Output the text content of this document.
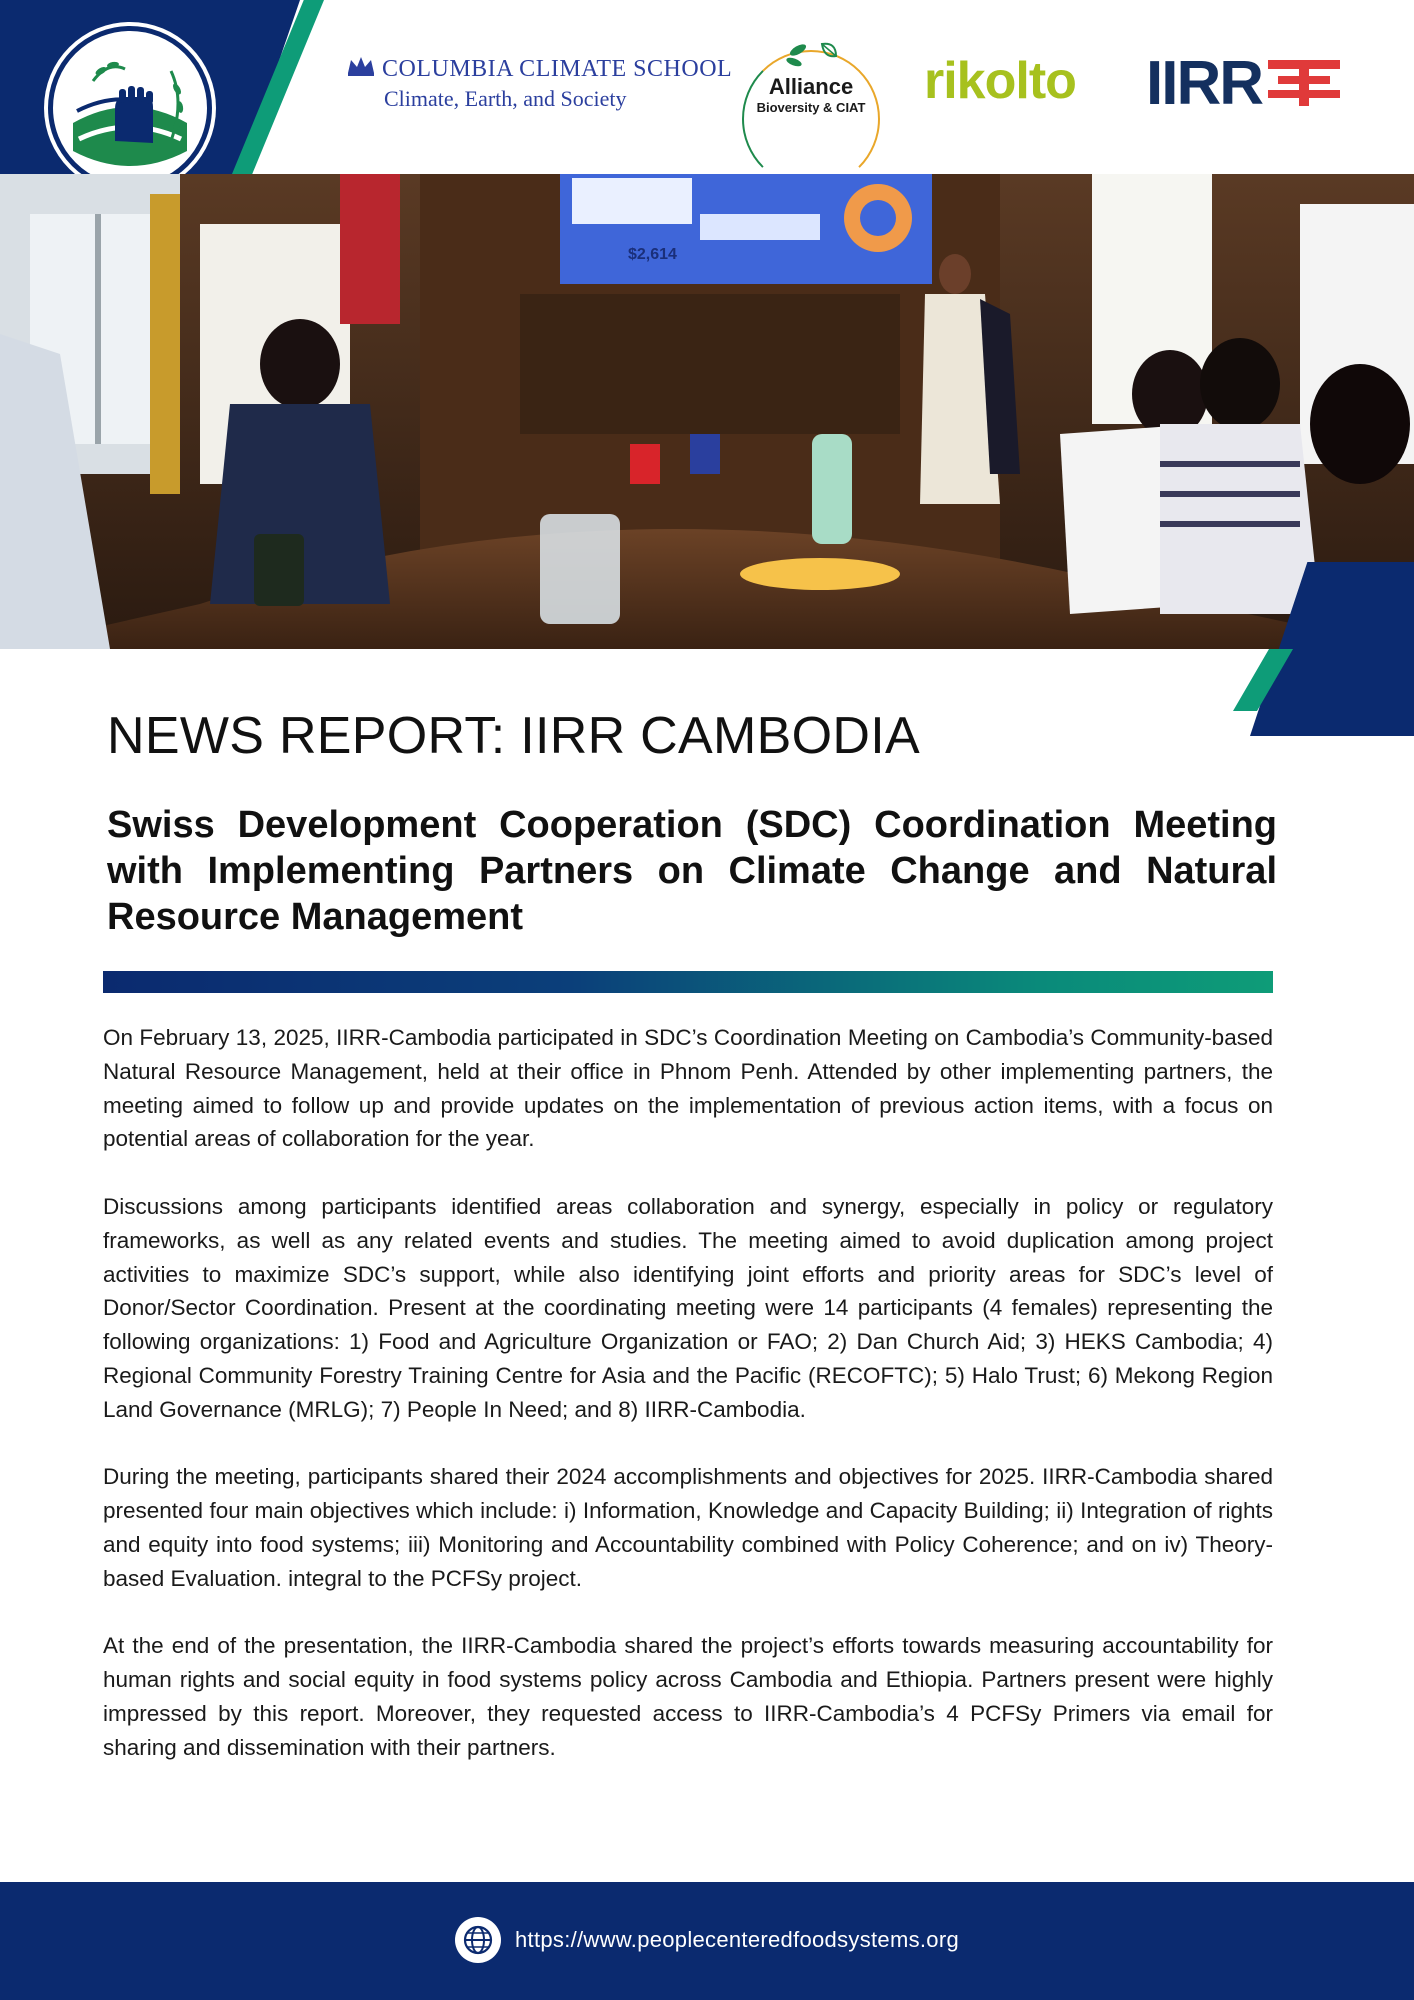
COLUMBIA CLIMATE SCHOOL
Climate, Earth, and Society	Alliance
Bioversity & CIAT	rikolto IIRR
$2,614
NEWS REPORT: IIRR CAMBODIA
Swiss Development Cooperation (SDC) Coordination Meeting with Implementing Partners on Climate Change and Natural Resource Management

On February 13, 2025, IIRR-Cambodia participated in SDC’s Coordination Meeting on Cambodia’s Community-based Natural Resource Management, held at their office in Phnom Penh. Attended by other implementing partners, the meeting aimed to follow up and provide updates on the implementation of previous action items, with a focus on potential areas of collaboration for the year.

Discussions among participants identified areas collaboration and synergy, especially in policy or regulatory frameworks, as well as any related events and studies. The meeting aimed to avoid duplication among project activities to maximize SDC’s support, while also identifying joint efforts and priority areas for SDC’s level of Donor/Sector Coordination. Present at the coordinating meeting were 14 participants (4 females) representing the following organizations: 1) Food and Agriculture Organization or FAO; 2) Dan Church Aid; 3) HEKS Cambodia; 4) Regional Community Forestry Training Centre for Asia and the Pacific (RECOFTC); 5) Halo Trust; 6) Mekong Region Land Governance (MRLG); 7) People In Need; and 8) IIRR-Cambodia.

During the meeting, participants shared their 2024 accomplishments and objectives for 2025. IIRR-Cambodia shared presented four main objectives which include: i) Information, Knowledge and Capacity Building; ii) Integration of rights and equity into food systems; iii) Monitoring and Accountability combined with Policy Coherence; and on iv) Theory-based Evaluation. integral to the PCFSy project.

At the end of the presentation, the IIRR-Cambodia shared the project’s efforts towards measuring accountability for human rights and social equity in food systems policy across Cambodia and Ethiopia. Partners present were highly impressed by this report. Moreover, they requested access to IIRR-Cambodia’s 4 PCFSy Primers via email for sharing and dissemination with their partners.

https://www.peoplecenteredfoodsystems.org
